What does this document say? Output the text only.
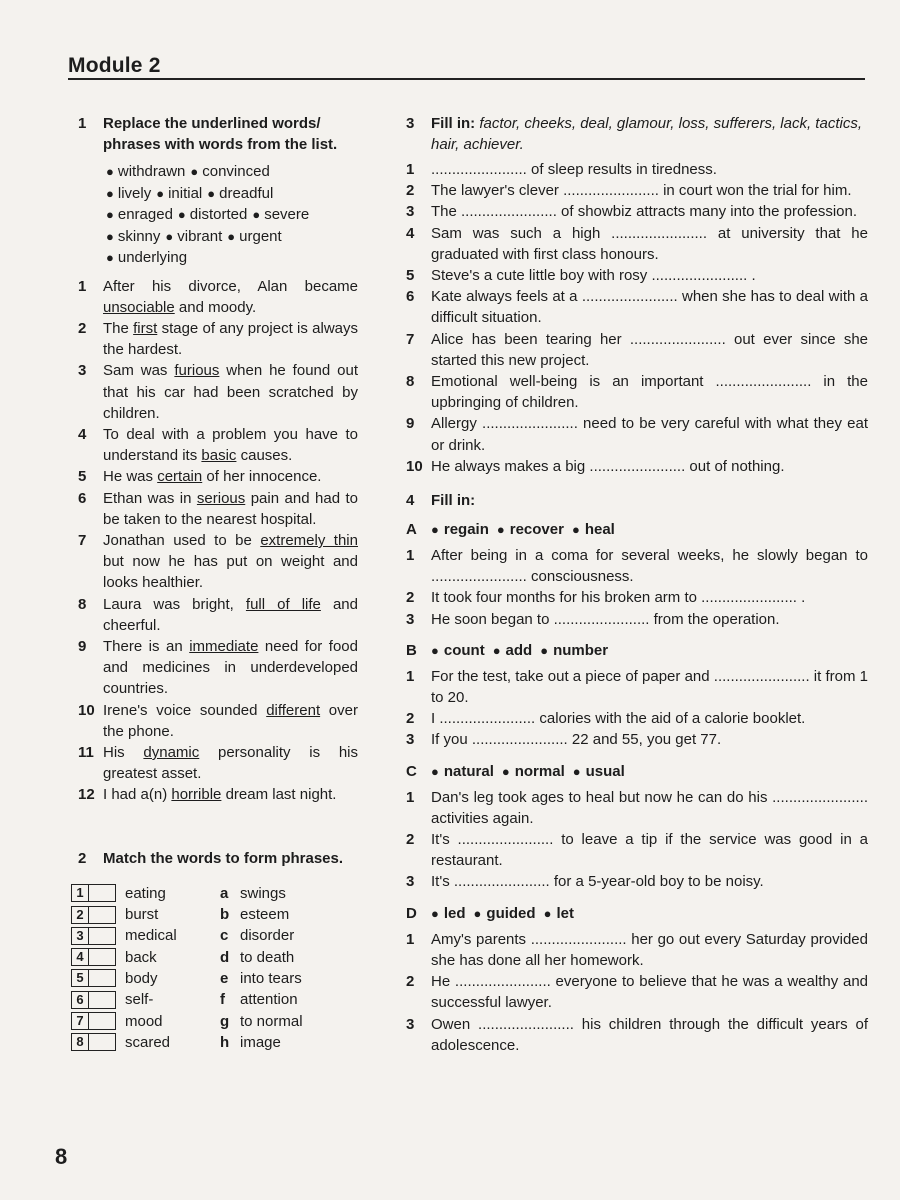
Module 2
1	Replace the underlined words/ phrases with words from the list.
● withdrawn ● convinced
● lively ● initial ● dreadful
● enraged ● distorted ● severe
● skinny ● vibrant ● urgent
● underlying
1	After his divorce, Alan became unsociable and moody.
2	The first stage of any project is always the hardest.
3	Sam was furious when he found out that his car had been scratched by children.
4	To deal with a problem you have to understand its basic causes.
5	He was certain of her innocence.
6	Ethan was in serious pain and had to be taken to the nearest hospital.
7	Jonathan used to be extremely thin but now he has put on weight and looks healthier.
8	Laura was bright, full of life and cheerful.
9	There is an immediate need for food and medicines in underdeveloped countries.
10 Irene's voice sounded different over the phone.
11 His dynamic personality is his greatest asset.
12 I had a(n) horrible dream last night.
2	Match the words to form phrases.
1	eating	a swings
2	burst	b esteem
3	medical	c disorder
4	back	d to death
5	body	e into tears
6	self-	f	attention
7	mood	g to normal
8	scared	h image
3	Fill in: factor, cheeks, deal, glamour, loss, sufferers, lack, tactics, hair, achiever.
1	....................... of sleep results in tiredness.
2	The lawyer's clever ....................... in court won the trial for him.
3	The ....................... of showbiz attracts many into the profession.
4	Sam was such a high ....................... at university that he graduated with first class honours.
5	Steve's a cute little boy with rosy ....................... .
6	Kate always feels at a ....................... when she has to deal with a difficult situation.
7	Alice has been tearing her ....................... out ever since she started this new project.
8	Emotional well-being is an important ....................... in the upbringing of children.
9	Allergy ....................... need to be very careful with what they eat or drink.
10 He always makes a big ....................... out of nothing.
4	Fill in:
A	● regain ● recover ● heal
1	After being in a coma for several weeks, he slowly began to ....................... consciousness.
2	It took four months for his broken arm to ....................... .
3	He soon began to ....................... from the operation.
B	● count ● add ● number
1	For the test, take out a piece of paper and ....................... it from 1 to 20.
2	I ....................... calories with the aid of a calorie booklet.
3	If you ....................... 22 and 55, you get 77.
C	● natural ● normal ● usual
1	Dan's leg took ages to heal but now he can do his ....................... activities again.
2	It's ....................... to leave a tip if the service was good in a restaurant.
3	It's ....................... for a 5-year-old boy to be noisy.
D	● led ● guided ● let
1	Amy's parents ....................... her go out every Saturday provided she has done all her homework.
2	He ....................... everyone to believe that he was a wealthy and successful lawyer.
3	Owen ....................... his children through the difficult years of adolescence.
8
